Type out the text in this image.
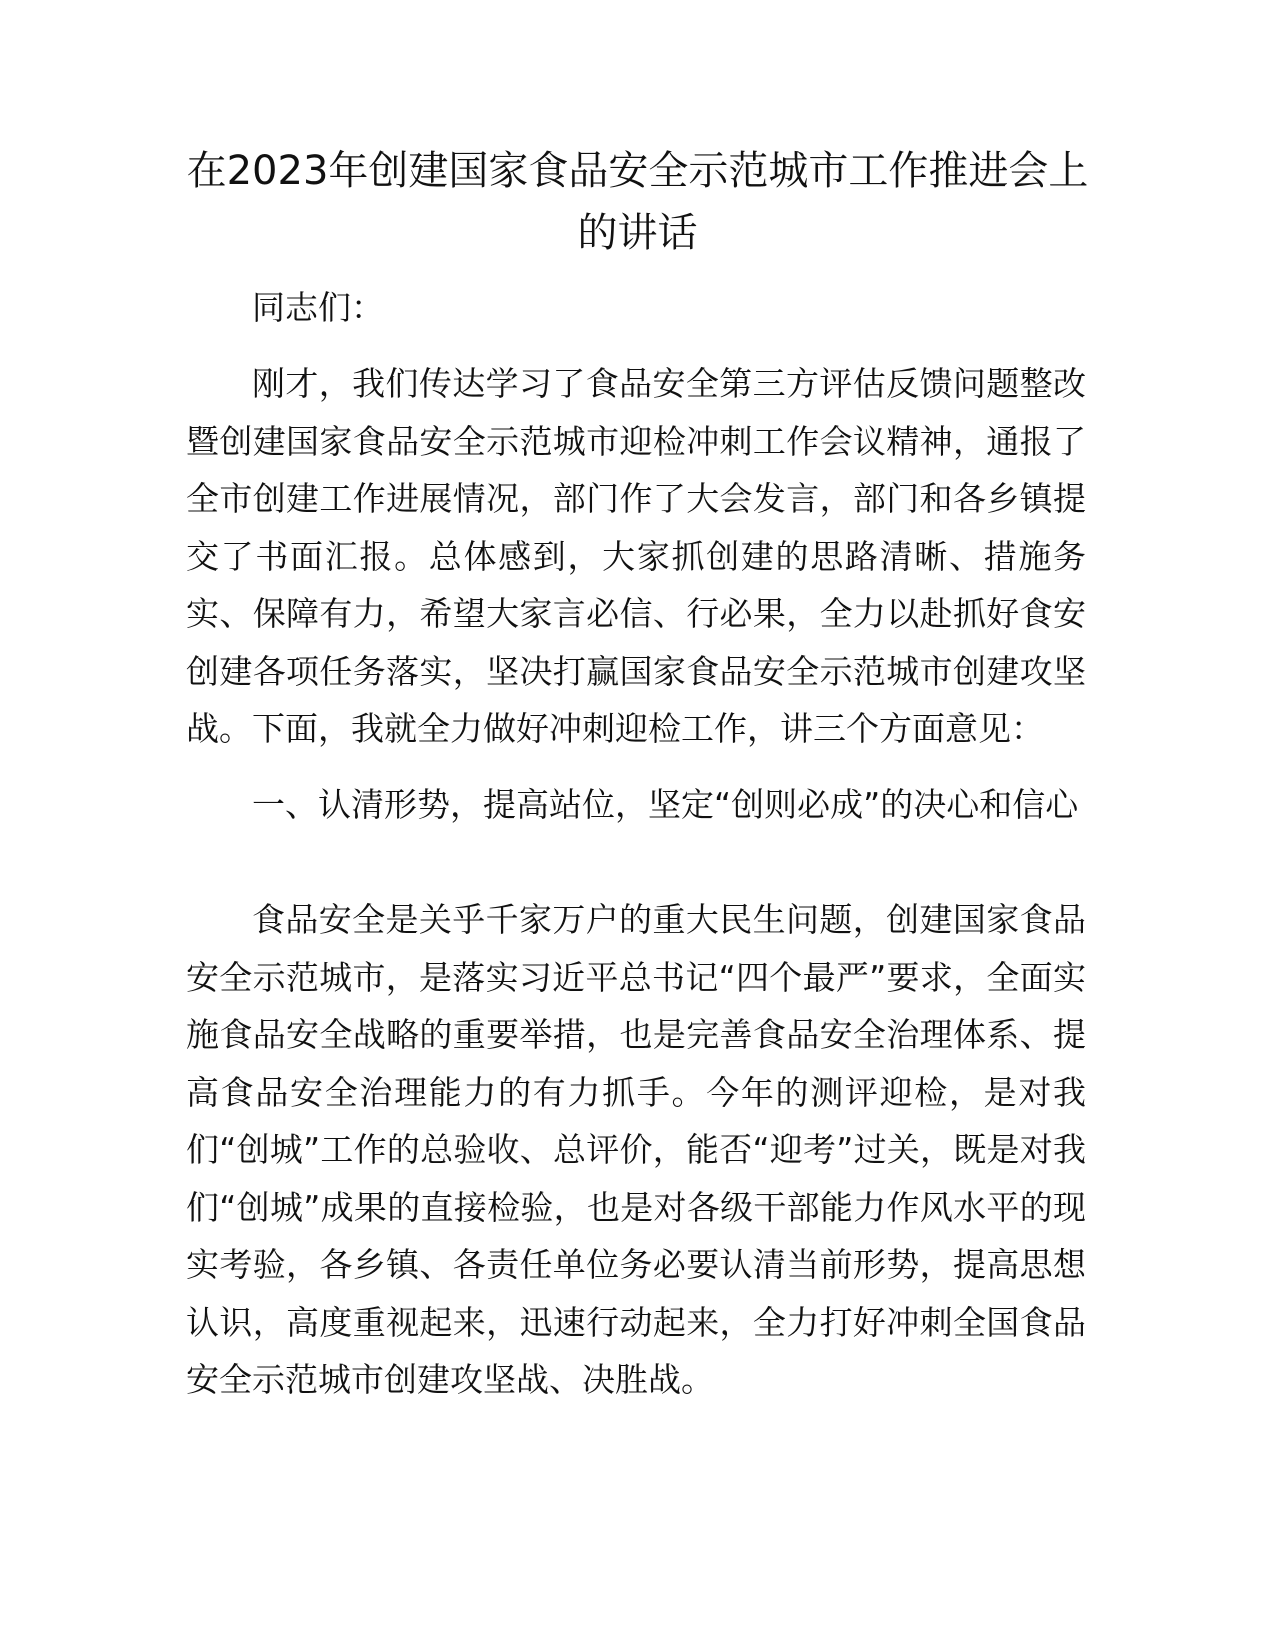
在2023年创建国家食品安全示范城市工作推进会上的讲话

同志们：

刚才，我们传达学习了食品安全第三方评估反馈问题整改暨创建国家食品安全示范城市迎检冲刺工作会议精神，通报了全市创建工作进展情况，部门作了大会发言，部门和各乡镇提交了书面汇报。总体感到，大家抓创建的思路清晰、措施务实、保障有力，希望大家言必信、行必果，全力以赴抓好食安创建各项任务落实，坚决打赢国家食品安全示范城市创建攻坚战。下面，我就全力做好冲刺迎检工作，讲三个方面意见：

一、认清形势，提高站位，坚定“创则必成”的决心和信心

食品安全是关乎千家万户的重大民生问题，创建国家食品安全示范城市，是落实习近平总书记“四个最严”要求，全面实施食品安全战略的重要举措，也是完善食品安全治理体系、提高食品安全治理能力的有力抓手。今年的测评迎检，是对我们“创城”工作的总验收、总评价，能否“迎考”过关，既是对我们“创城”成果的直接检验，也是对各级干部能力作风水平的现实考验，各乡镇、各责任单位务必要认清当前形势，提高思想认识，高度重视起来，迅速行动起来，全力打好冲刺全国食品安全示范城市创建攻坚战、决胜战。
